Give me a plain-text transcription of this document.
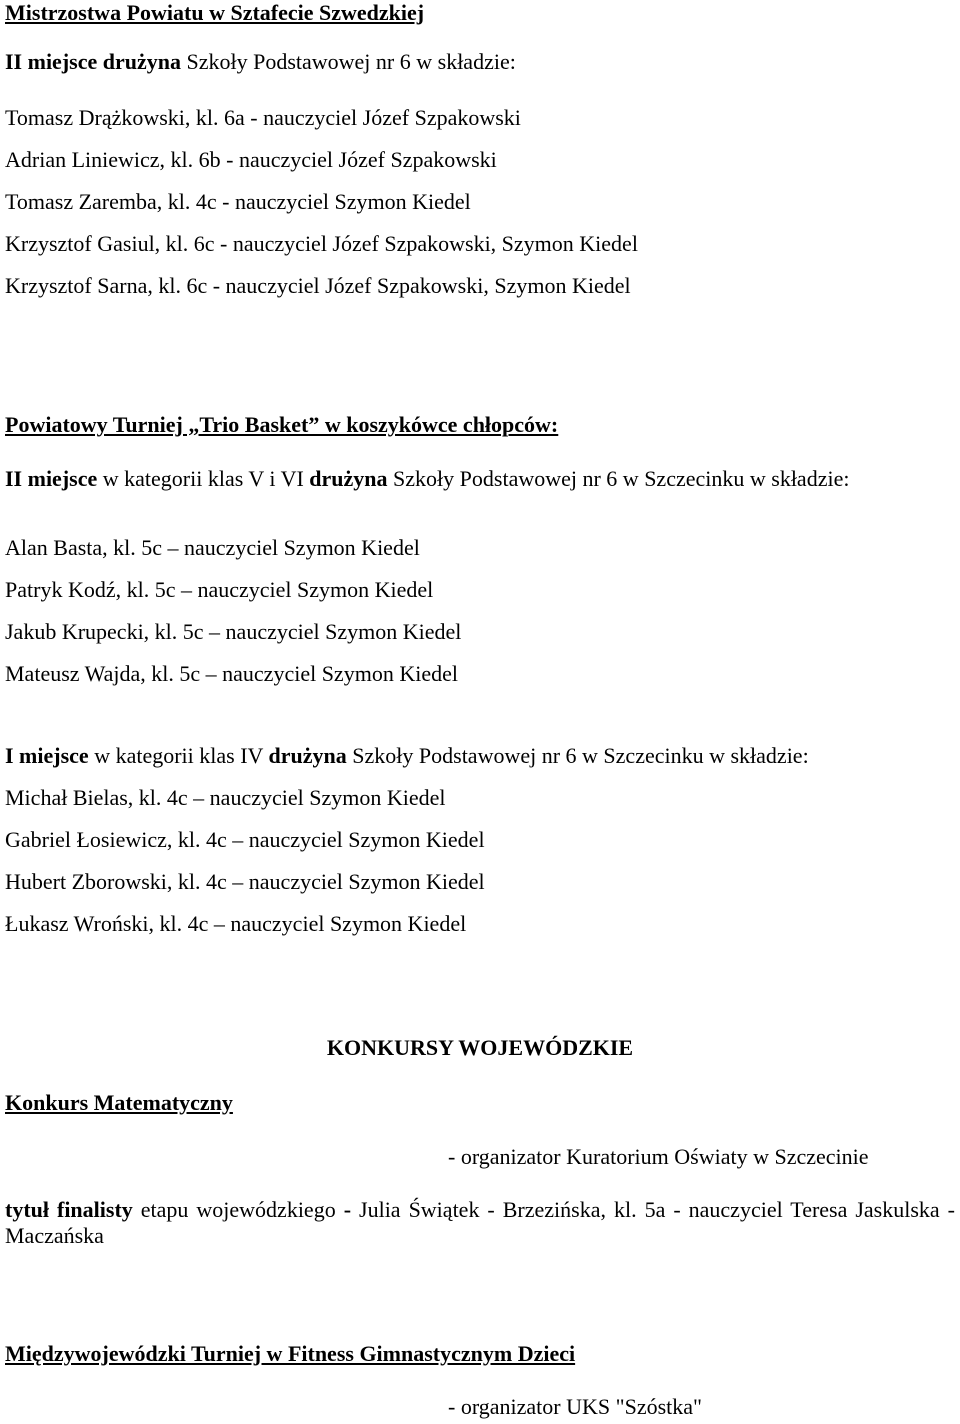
Mistrzostwa Powiatu w Sztafecie Szwedzkiej
II miejsce drużyna Szkoły Podstawowej nr 6 w składzie:
Tomasz Drążkowski, kl. 6a - nauczyciel Józef Szpakowski
Adrian Liniewicz, kl. 6b - nauczyciel Józef Szpakowski
Tomasz Zaremba, kl. 4c - nauczyciel Szymon Kiedel
Krzysztof Gasiul, kl. 6c - nauczyciel Józef Szpakowski, Szymon Kiedel
Krzysztof Sarna, kl. 6c - nauczyciel Józef Szpakowski, Szymon Kiedel
Powiatowy Turniej „Trio Basket” w koszykówce chłopców:
II miejsce w kategorii klas V i VI drużyna Szkoły Podstawowej nr 6 w Szczecinku w składzie:
Alan Basta, kl. 5c – nauczyciel Szymon Kiedel
Patryk Kodź, kl. 5c – nauczyciel Szymon Kiedel
Jakub Krupecki, kl. 5c – nauczyciel Szymon Kiedel
Mateusz Wajda, kl. 5c – nauczyciel Szymon Kiedel
I miejsce w kategorii klas IV drużyna Szkoły Podstawowej nr 6 w Szczecinku w składzie:
Michał Bielas, kl. 4c – nauczyciel Szymon Kiedel
Gabriel Łosiewicz, kl. 4c – nauczyciel Szymon Kiedel
Hubert Zborowski, kl. 4c – nauczyciel Szymon Kiedel
Łukasz Wroński, kl. 4c – nauczyciel Szymon Kiedel
KONKURSY WOJEWÓDZKIE
Konkurs Matematyczny
- organizator Kuratorium Oświaty w Szczecinie
tytuł finalisty etapu wojewódzkiego - Julia Świątek - Brzezińska, kl. 5a - nauczyciel Teresa Jaskulska - Maczańska
Międzywojewódzki Turniej w Fitness Gimnastycznym Dzieci
- organizator UKS "Szóstka"
